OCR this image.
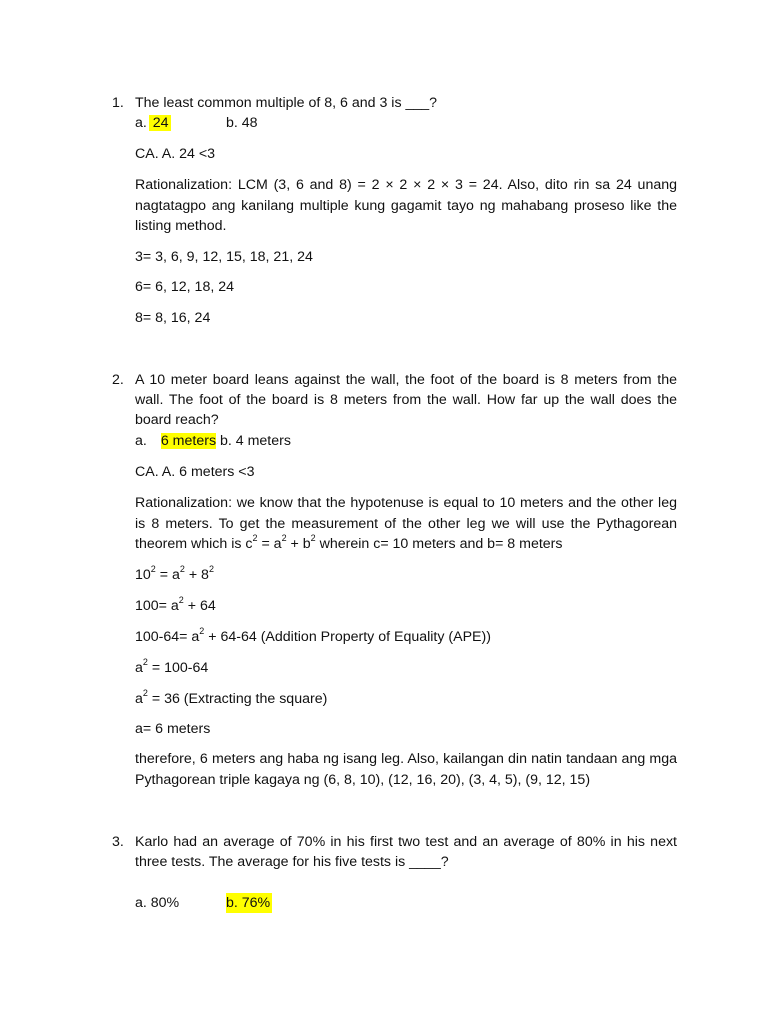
1. The least common multiple of 8, 6 and 3 is ___?
a. 24	b. 48
CA. A. 24 <3
Rationalization: LCM (3, 6 and 8) = 2 × 2 × 2 × 3 = 24. Also, dito rin sa 24 unang nagtatagpo ang kanilang multiple kung gagamit tayo ng mahabang proseso like the listing method.
3= 3, 6, 9, 12, 15, 18, 21, 24
6= 6, 12, 18, 24
8= 8, 16, 24
2. A 10 meter board leans against the wall, the foot of the board is 8 meters from the wall. The foot of the board is 8 meters from the wall. How far up the wall does the board reach?
a. 6 meters b. 4 meters
CA. A. 6 meters <3
Rationalization: we know that the hypotenuse is equal to 10 meters and the other leg is 8 meters. To get the measurement of the other leg we will use the Pythagorean theorem which is $c^2 = a^2 + b^2$ wherein c= 10 meters and b= 8 meters
$10^2 = a^2 + 8^2$
$100= a^2 + 64$
$100-64= a^2 + 64-64$ (Addition Property of Equality (APE))
$a^2 = 100-64$
$a^2 = 36$ (Extracting the square)
a= 6 meters
therefore, 6 meters ang haba ng isang leg. Also, kailangan din natin tandaan ang mga Pythagorean triple kagaya ng (6, 8, 10), (12, 16, 20), (3, 4, 5), (9, 12, 15)
3. Karlo had an average of 70% in his first two test and an average of 80% in his next three tests. The average for his five tests is ____?
a. 80%	b. 76%
